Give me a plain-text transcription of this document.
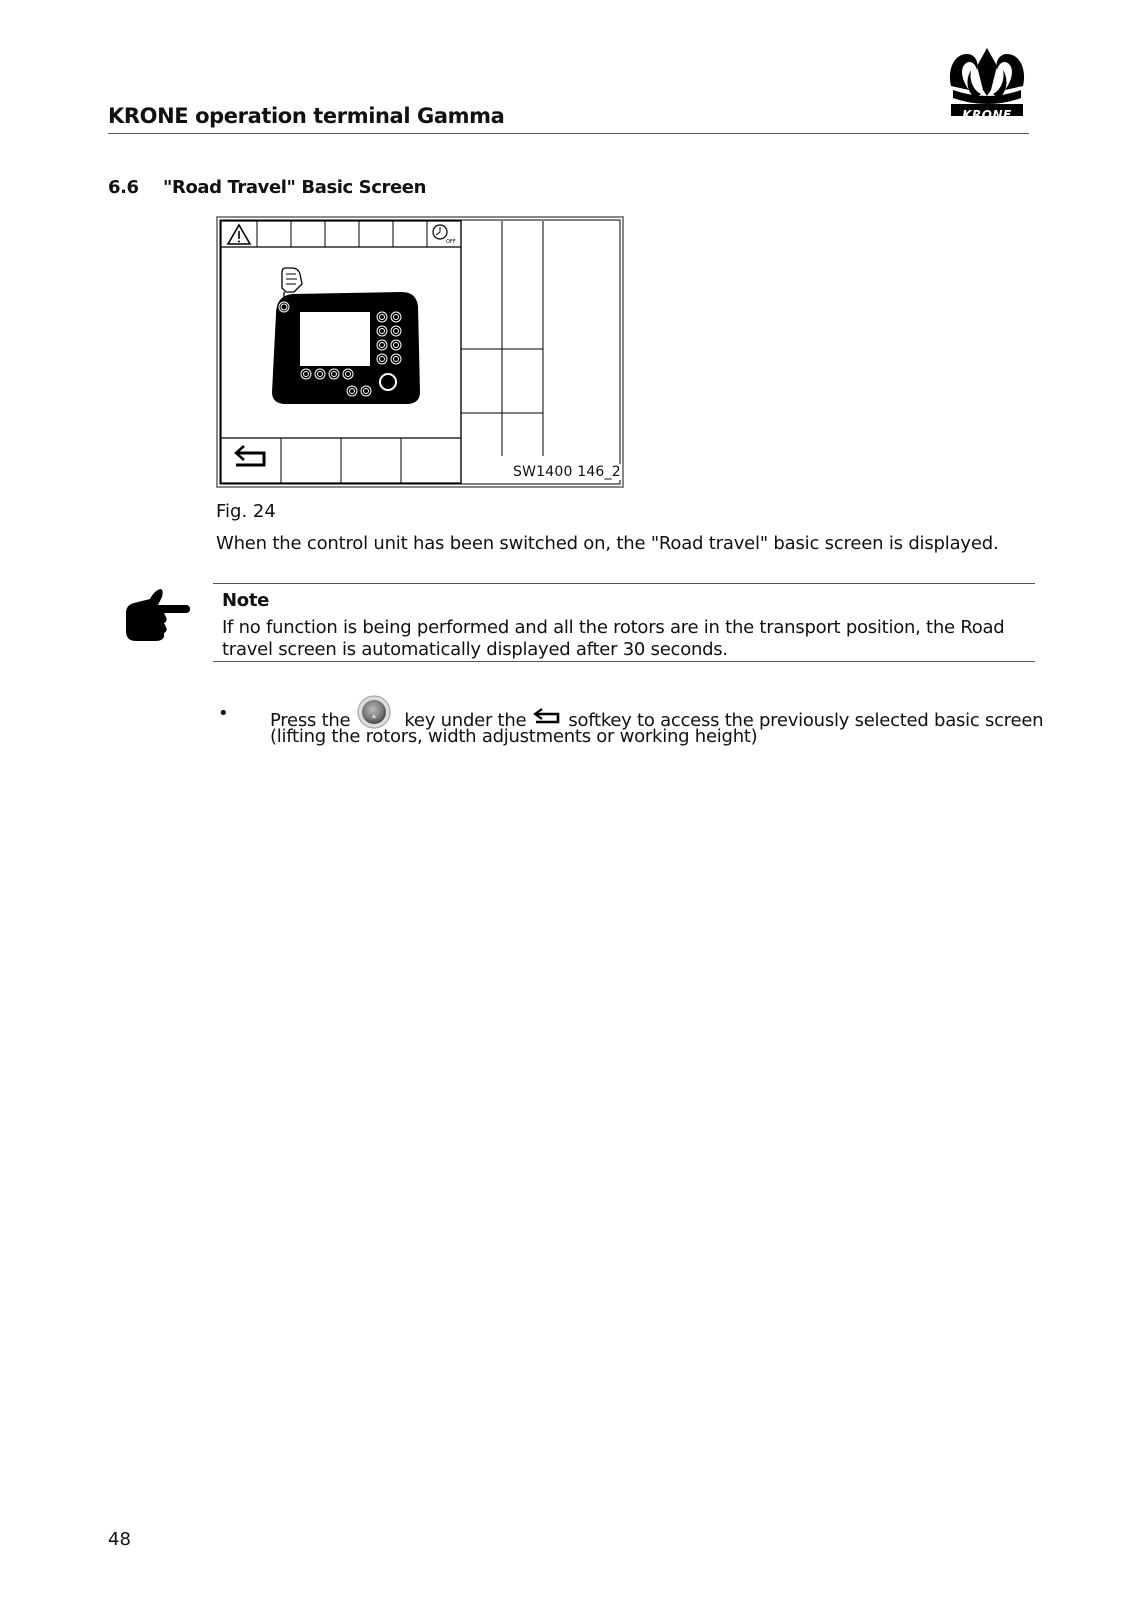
KRONE operation terminal Gamma	KRONE
6.6 "Road Travel" Basic Screen
OFF
SW1400 146_2
Fig. 24
When the control unit has been switched on, the "Road travel" basic screen is displayed.
Note
If no function is being performed and all the rotors are in the transport position, the Road travel screen is automatically displayed after 30 seconds.
• Press the	key under the softkey to access the previously selected basic screen
(lifting the rotors, width adjustments or working height)
48
